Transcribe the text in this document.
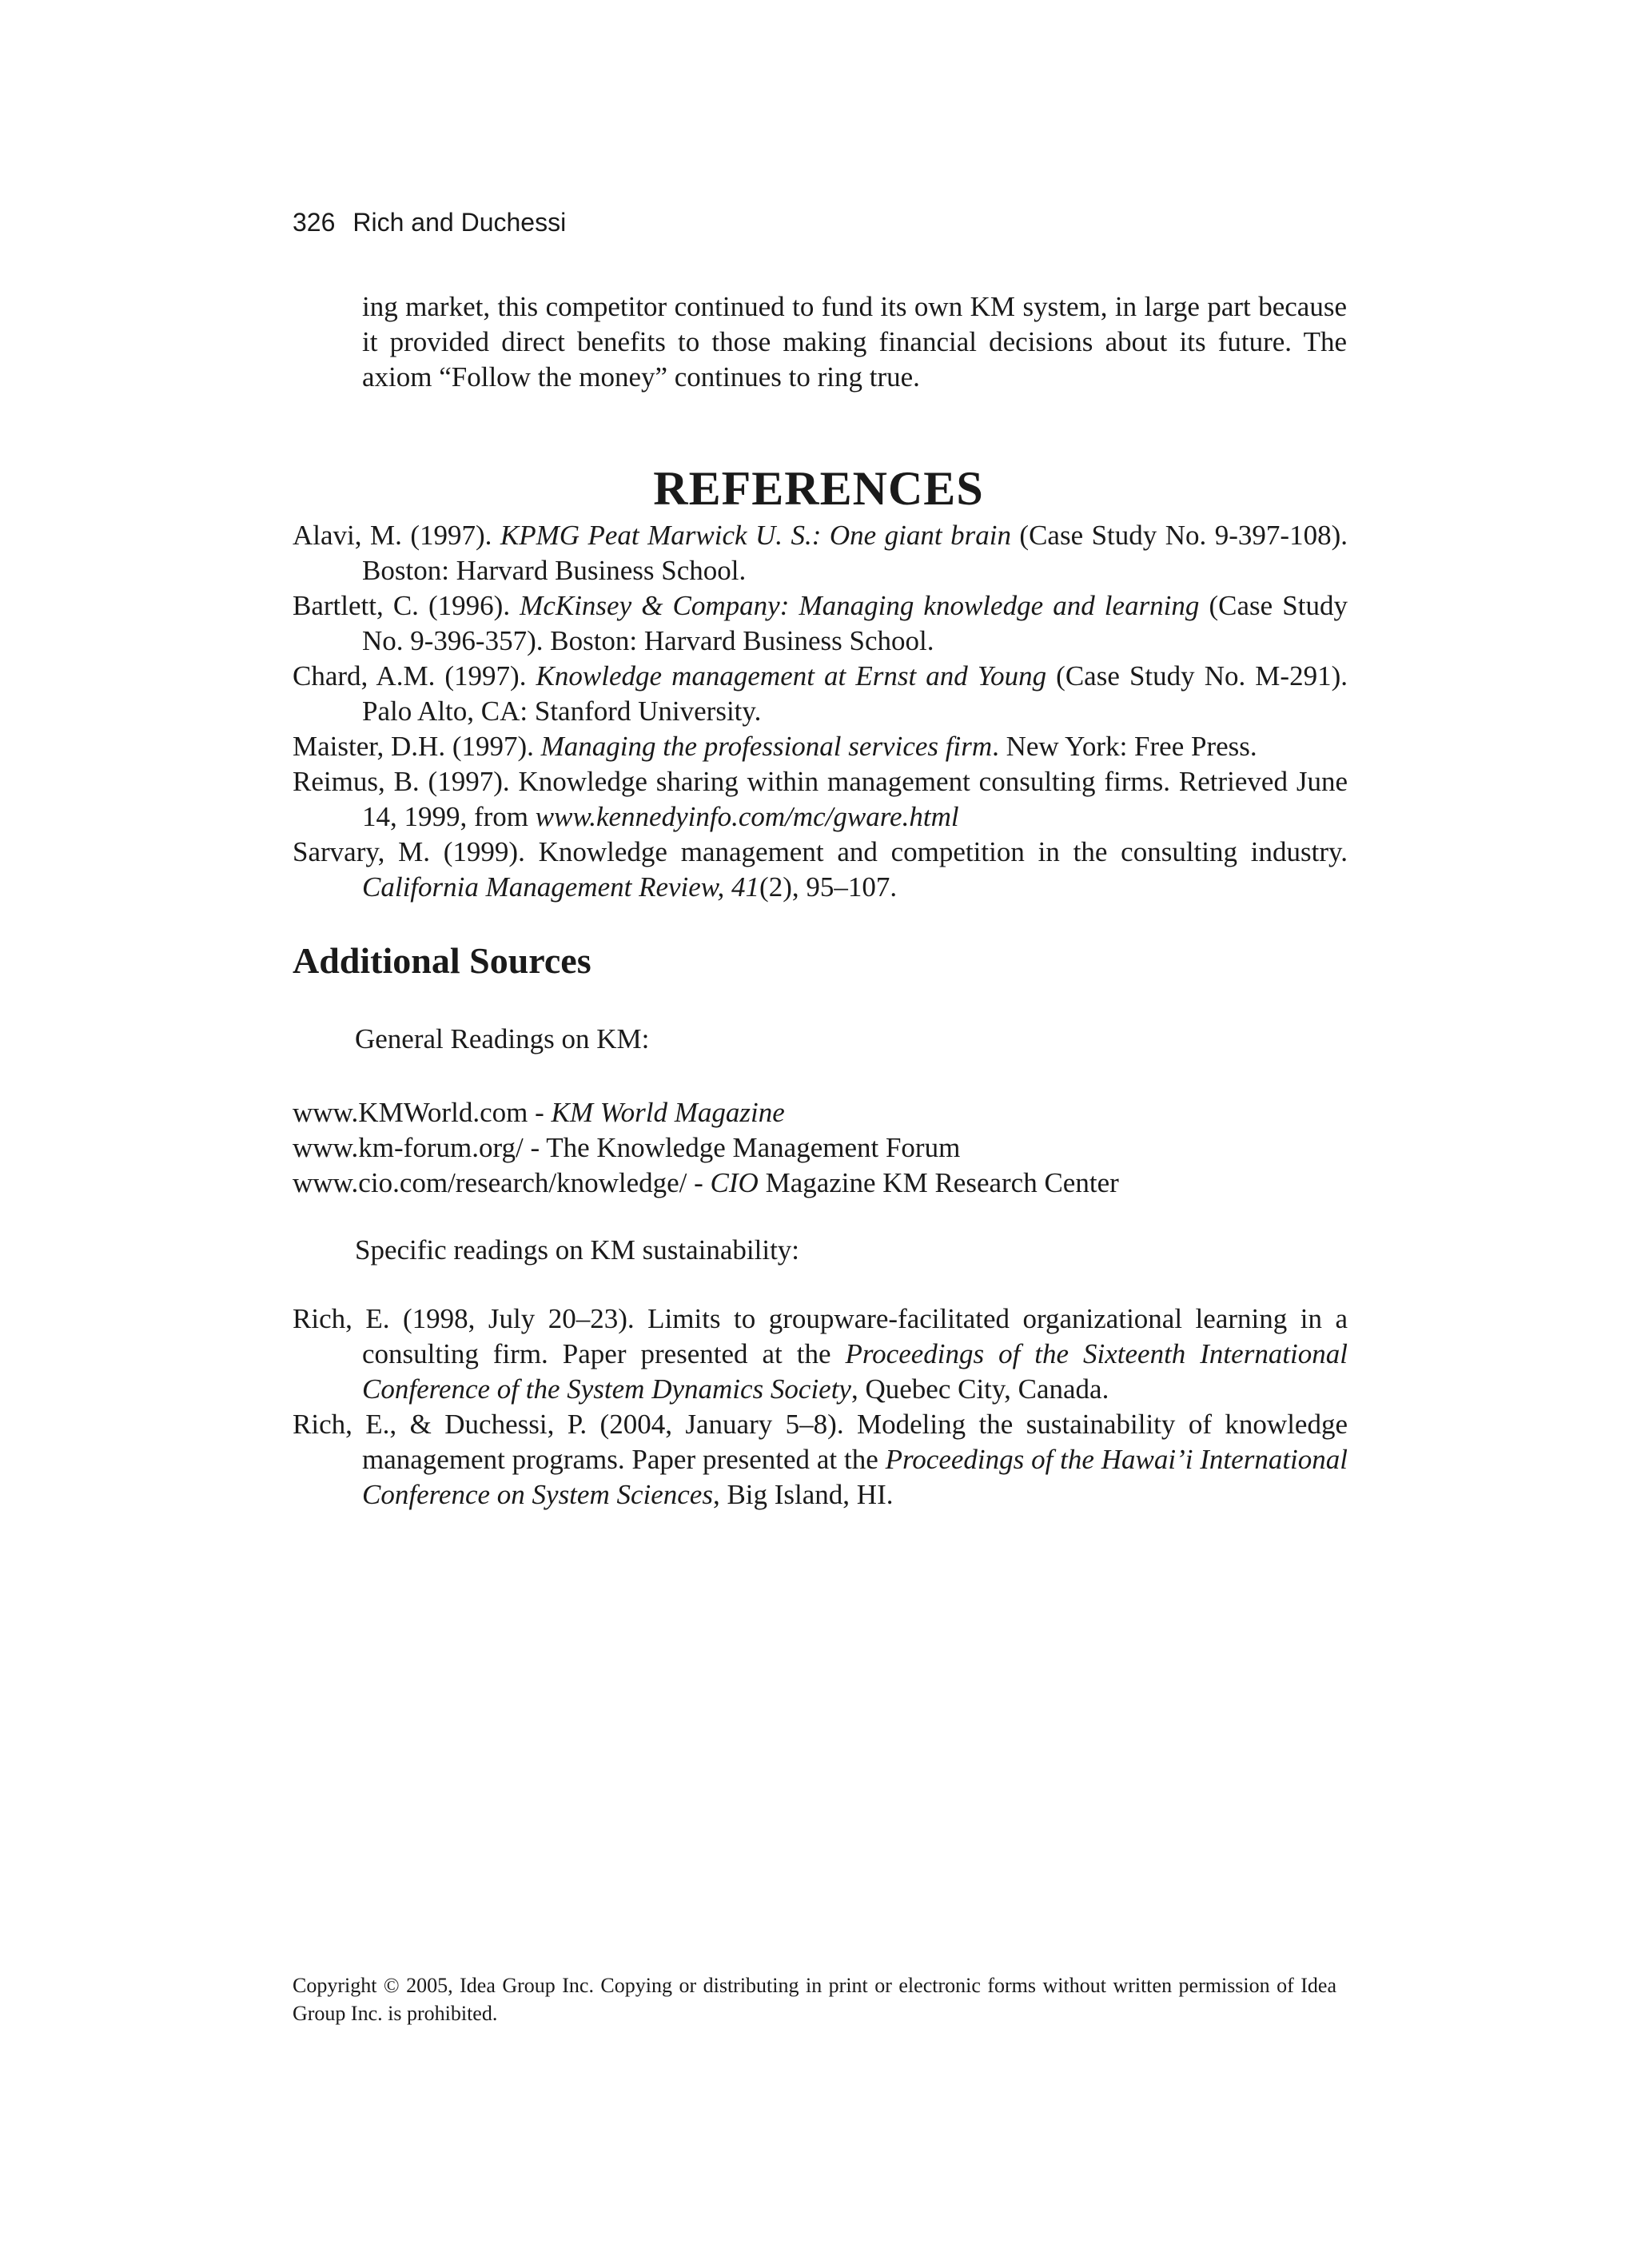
326 Rich and Duchessi
ing market, this competitor continued to fund its own KM system, in large part because it provided direct benefits to those making financial decisions about its future. The axiom “Follow the money” continues to ring true.
REFERENCES
Alavi, M. (1997). KPMG Peat Marwick U. S.: One giant brain (Case Study No. 9-397-108). Boston: Harvard Business School.
Bartlett, C. (1996). McKinsey & Company: Managing knowledge and learning (Case Study No. 9-396-357). Boston: Harvard Business School.
Chard, A.M. (1997). Knowledge management at Ernst and Young (Case Study No. M-291). Palo Alto, CA: Stanford University.
Maister, D.H. (1997). Managing the professional services firm. New York: Free Press.
Reimus, B. (1997). Knowledge sharing within management consulting firms. Retrieved June 14, 1999, from www.kennedyinfo.com/mc/gware.html
Sarvary, M. (1999). Knowledge management and competition in the consulting industry. California Management Review, 41(2), 95–107.
Additional Sources
General Readings on KM:
www.KMWorld.com - KM World Magazine
www.km-forum.org/ - The Knowledge Management Forum
www.cio.com/research/knowledge/ - CIO Magazine KM Research Center
Specific readings on KM sustainability:
Rich, E. (1998, July 20–23). Limits to groupware-facilitated organizational learning in a consulting firm. Paper presented at the Proceedings of the Sixteenth International Conference of the System Dynamics Society, Quebec City, Canada.
Rich, E., & Duchessi, P. (2004, January 5–8). Modeling the sustainability of knowledge management programs. Paper presented at the Proceedings of the Hawai’i International Conference on System Sciences, Big Island, HI.
Copyright © 2005, Idea Group Inc. Copying or distributing in print or electronic forms without written permission of Idea Group Inc. is prohibited.
